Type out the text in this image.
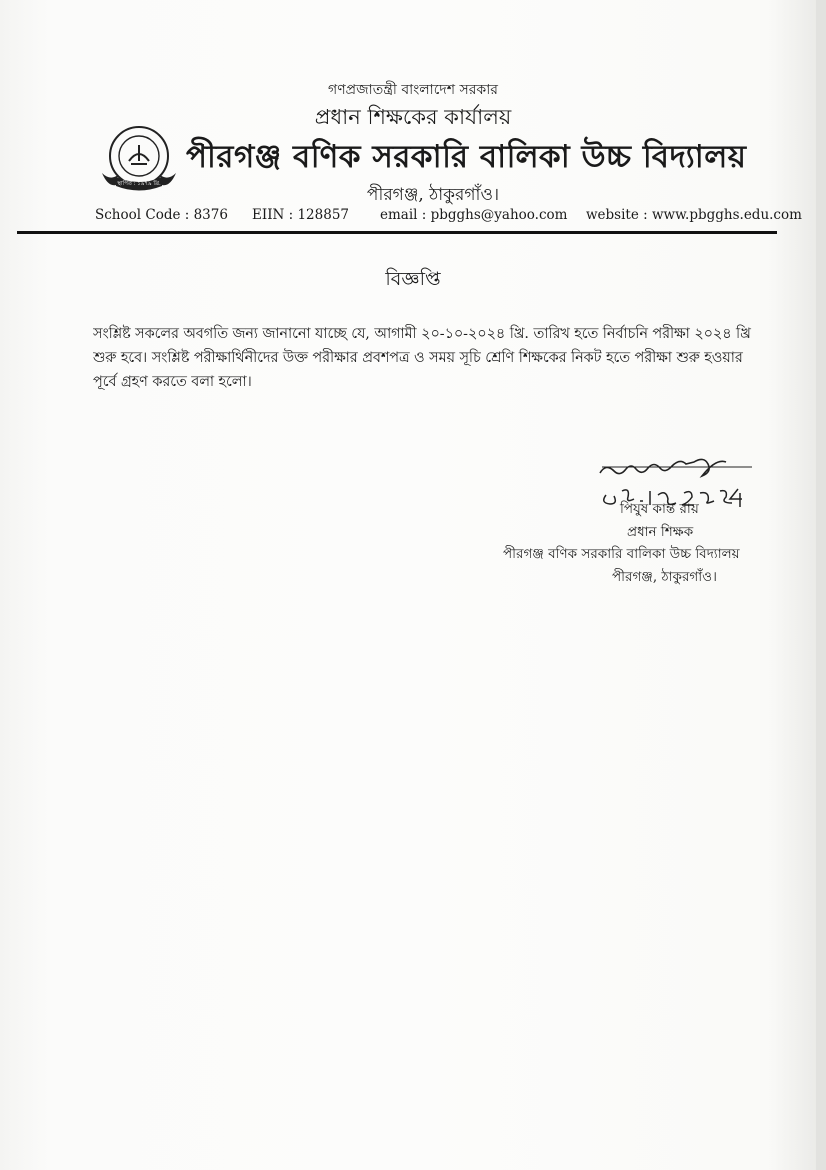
গণপ্রজাতন্ত্রী বাংলাদেশ সরকার
প্রধান শিক্ষকের কার্যালয়
স্থাপিত : ১৯৭৯ খ্রি.
পীরগঞ্জ বণিক সরকারি বালিকা উচ্চ বিদ্যালয়
পীরগঞ্জ, ঠাকুরগাঁও।
School Code : 8376 EIIN : 128857 email : pbgghs@yahoo.com website : www.pbgghs.edu.com
বিজ্ঞপ্তি
সংশ্লিষ্ট সকলের অবগতি জন্য জানানো যাচ্ছে যে, আগামী ২০-১০-২০২৪ খ্রি. তারিখ হতে নির্বাচনি পরীক্ষা ২০২৪ খ্রি
শুরু হবে। সংশ্লিষ্ট পরীক্ষার্থিনীদের উক্ত পরীক্ষার প্রবশপত্র ও সময় সূচি শ্রেণি শিক্ষকের নিকট হতে পরীক্ষা শুরু হওয়ার
পূর্বে গ্রহণ করতে বলা হলো।
পিযুষ ০৭.১০.২০২৪
পিযুষ কান্ত রায়
প্রধান শিক্ষক
পীরগঞ্জ বণিক সরকারি বালিকা উচ্চ বিদ্যালয়
পীরগঞ্জ, ঠাকুরগাঁও।
